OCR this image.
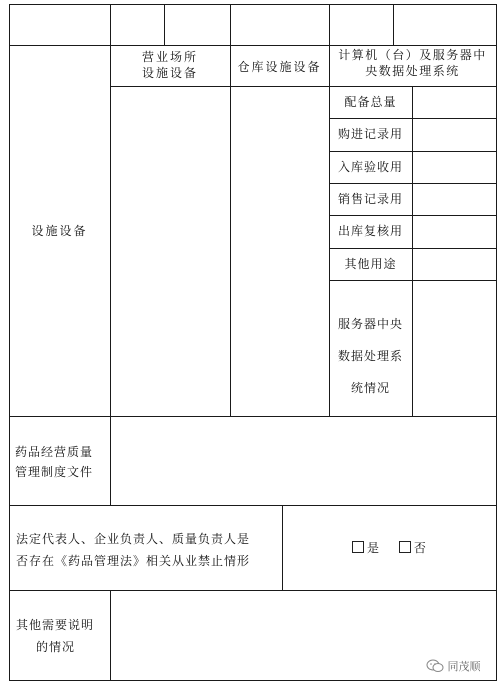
设施设备
营业场所
设施设备	仓库设施设备
计算机（台）及服务器中
央数据处理系统
配备总量
购进记录用
入库验收用
销售记录用
出库复核用
其他用途
服务器中央
数据处理系
统情况
药品经营质量
管理制度文件
法定代表人、企业负责人、质量负责人是
否存在《药品管理法》相关从业禁止情形
是	否
其他需要说明
的情况
同茂顺
